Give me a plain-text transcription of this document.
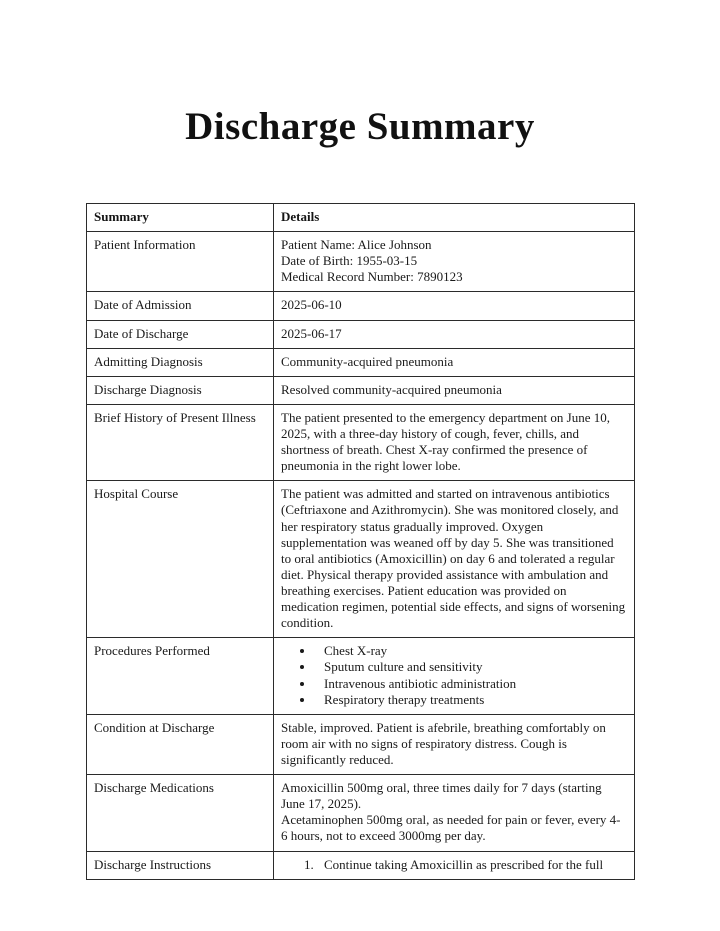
Discharge Summary
Summary	Details
Patient Information	Patient Name: Alice Johnson
Date of Birth: 1955-03-15
Medical Record Number: 7890123

Date of Admission	2025-06-10
Date of Discharge	2025-06-17
Admitting Diagnosis	Community-acquired pneumonia
Discharge Diagnosis	Resolved community-acquired pneumonia
Brief History of Present Illness	The patient presented to the emergency department on June 10, 2025, with a three-day history of cough, fever, chills, and shortness of breath. Chest X-ray confirmed the presence of pneumonia in the right lower lobe.
Hospital Course	The patient was admitted and started on intravenous antibiotics (Ceftriaxone and Azithromycin). She was monitored closely, and her respiratory status gradually improved. Oxygen supplementation was weaned off by day 5. She was transitioned to oral antibiotics (Amoxicillin) on day 6 and tolerated a regular diet. Physical therapy provided assistance with ambulation and breathing exercises. Patient education was provided on medication regimen, potential side effects, and signs of worsening condition.
Procedures Performed	
•Chest X-ray
• Sputum culture and sensitivity
• Intravenous antibiotic administration
• Respiratory therapy treatments

Condition at Discharge	Stable, improved. Patient is afebrile, breathing comfortably on room air with no signs of respiratory distress. Cough is significantly reduced.
Discharge Medications	Amoxicillin 500mg oral, three times daily for 7 days (starting June 17, 2025).
Acetaminophen 500mg oral, as needed for pain or fever, every 4-6 hours, not to exceed 3000mg per day.

Discharge Instructions	
1.Continue taking Amoxicillin as prescribed for the full
